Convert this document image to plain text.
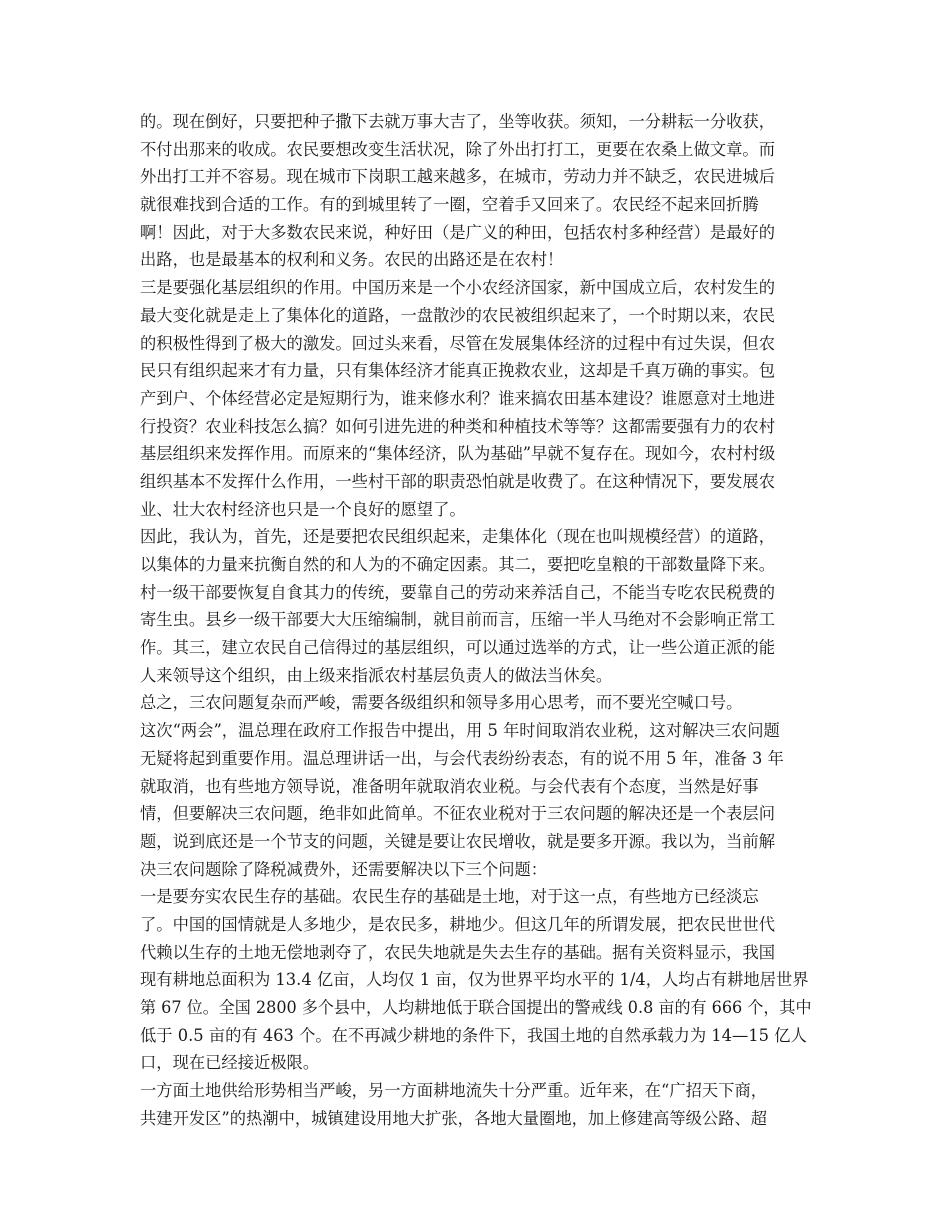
的。现在倒好，只要把种子撒下去就万事大吉了，坐等收获。须知，一分耕耘一分收获，
不付出那来的收成。农民要想改变生活状况，除了外出打打工，更要在农桑上做文章。而
外出打工并不容易。现在城市下岗职工越来越多，在城市，劳动力并不缺乏，农民进城后
就很难找到合适的工作。有的到城里转了一圈，空着手又回来了。农民经不起来回折腾
啊！因此，对于大多数农民来说，种好田（是广义的种田，包括农村多种经营）是最好的
出路，也是最基本的权利和义务。农民的出路还是在农村！
三是要强化基层组织的作用。中国历来是一个小农经济国家，新中国成立后，农村发生的
最大变化就是走上了集体化的道路，一盘散沙的农民被组织起来了，一个时期以来，农民
的积极性得到了极大的激发。回过头来看，尽管在发展集体经济的过程中有过失误，但农
民只有组织起来才有力量，只有集体经济才能真正挽救农业，这却是千真万确的事实。包
产到户、个体经营必定是短期行为，谁来修水利？谁来搞农田基本建设？谁愿意对土地进
行投资？农业科技怎么搞？如何引进先进的种类和种植技术等等？这都需要强有力的农村
基层组织来发挥作用。而原来的“集体经济，队为基础”早就不复存在。现如今，农村村级
组织基本不发挥什么作用，一些村干部的职责恐怕就是收费了。在这种情况下，要发展农
业、壮大农村经济也只是一个良好的愿望了。
因此，我认为，首先，还是要把农民组织起来，走集体化（现在也叫规模经营）的道路，
以集体的力量来抗衡自然的和人为的不确定因素。其二，要把吃皇粮的干部数量降下来。
村一级干部要恢复自食其力的传统，要靠自己的劳动来养活自己，不能当专吃农民税费的
寄生虫。县乡一级干部要大大压缩编制，就目前而言，压缩一半人马绝对不会影响正常工
作。其三，建立农民自己信得过的基层组织，可以通过选举的方式，让一些公道正派的能
人来领导这个组织，由上级来指派农村基层负责人的做法当休矣。
总之，三农问题复杂而严峻，需要各级组织和领导多用心思考，而不要光空喊口号。
这次“两会”，温总理在政府工作报告中提出，用 5 年时间取消农业税，这对解决三农问题
无疑将起到重要作用。温总理讲话一出，与会代表纷纷表态，有的说不用 5 年，准备 3 年
就取消，也有些地方领导说，准备明年就取消农业税。与会代表有个态度，当然是好事
情，但要解决三农问题，绝非如此简单。不征农业税对于三农问题的解决还是一个表层问
题，说到底还是一个节支的问题，关键是要让农民增收，就是要多开源。我以为，当前解
决三农问题除了降税减费外，还需要解决以下三个问题：
一是要夯实农民生存的基础。农民生存的基础是土地，对于这一点，有些地方已经淡忘
了。中国的国情就是人多地少，是农民多，耕地少。但这几年的所谓发展，把农民世世代
代赖以生存的土地无偿地剥夺了，农民失地就是失去生存的基础。据有关资料显示，我国
现有耕地总面积为 13.4 亿亩，人均仅 1 亩，仅为世界平均水平的 1/4，人均占有耕地居世界
第 67 位。全国 2800 多个县中，人均耕地低于联合国提出的警戒线 0.8 亩的有 666 个，其中
低于 0.5 亩的有 463 个。在不再减少耕地的条件下，我国土地的自然承载力为 14—15 亿人
口，现在已经接近极限。
一方面土地供给形势相当严峻，另一方面耕地流失十分严重。近年来，在“广招天下商，
共建开发区”的热潮中，城镇建设用地大扩张，各地大量圈地，加上修建高等级公路、超
